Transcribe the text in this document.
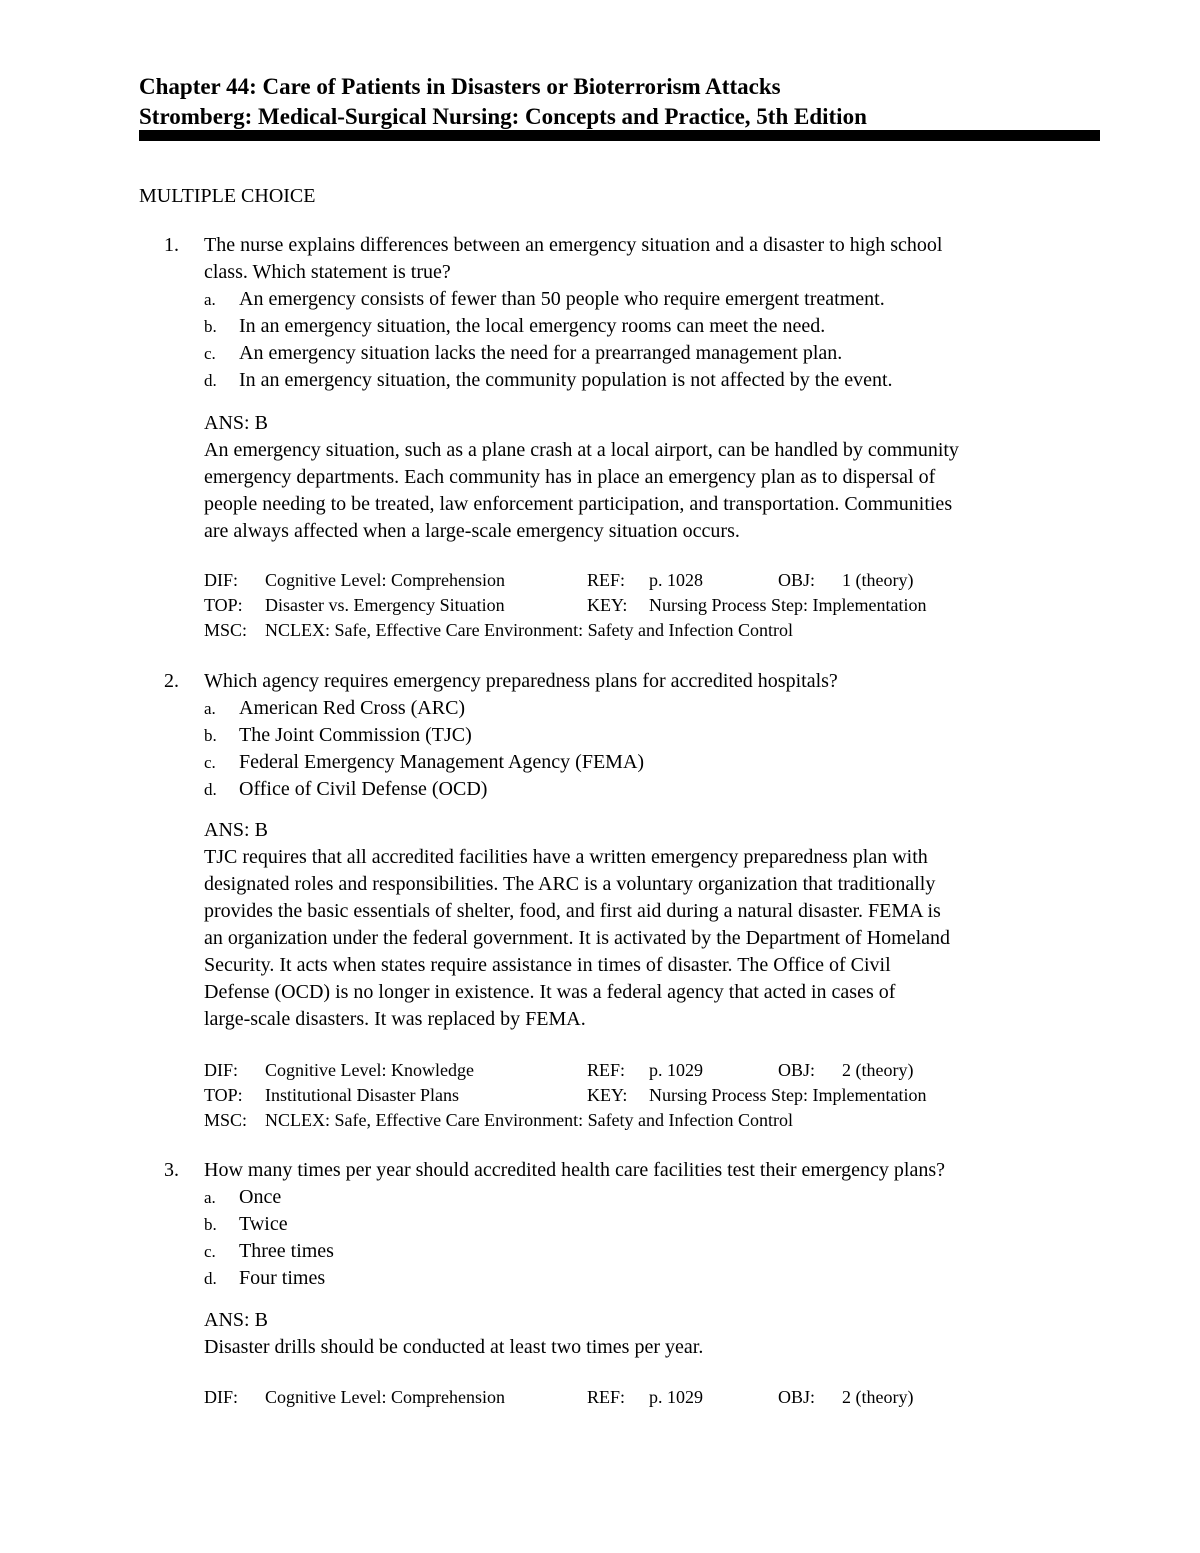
Chapter 44: Care of Patients in Disasters or Bioterrorism Attacks
Stromberg: Medical-Surgical Nursing: Concepts and Practice, 5th Edition
MULTIPLE CHOICE
1. The nurse explains differences between an emergency situation and a disaster to high school
class. Which statement is true?
a. An emergency consists of fewer than 50 people who require emergent treatment.
b. In an emergency situation, the local emergency rooms can meet the need.
c. An emergency situation lacks the need for a prearranged management plan.
d. In an emergency situation, the community population is not affected by the event.
ANS: B
An emergency situation, such as a plane crash at a local airport, can be handled by community
emergency departments. Each community has in place an emergency plan as to dispersal of
people needing to be treated, law enforcement participation, and transportation. Communities
are always affected when a large-scale emergency situation occurs.
DIF: Cognitive Level: Comprehension	REF: p. 1028	OBJ: 1 (theory)
TOP: Disaster vs. Emergency Situation	KEY: Nursing Process Step: Implementation
MSC: NCLEX: Safe, Effective Care Environment: Safety and Infection Control
2. Which agency requires emergency preparedness plans for accredited hospitals?
a. American Red Cross (ARC)
b. The Joint Commission (TJC)
c. Federal Emergency Management Agency (FEMA)
d. Office of Civil Defense (OCD)
ANS: B
TJC requires that all accredited facilities have a written emergency preparedness plan with
designated roles and responsibilities. The ARC is a voluntary organization that traditionally
provides the basic essentials of shelter, food, and first aid during a natural disaster. FEMA is
an organization under the federal government. It is activated by the Department of Homeland
Security. It acts when states require assistance in times of disaster. The Office of Civil
Defense (OCD) is no longer in existence. It was a federal agency that acted in cases of
large-scale disasters. It was replaced by FEMA.
DIF: Cognitive Level: Knowledge	REF: p. 1029	OBJ: 2 (theory)
TOP: Institutional Disaster Plans	KEY: Nursing Process Step: Implementation
MSC: NCLEX: Safe, Effective Care Environment: Safety and Infection Control
3. How many times per year should accredited health care facilities test their emergency plans?
a. Once
b. Twice
c. Three times
d. Four times
ANS: B
Disaster drills should be conducted at least two times per year.
DIF: Cognitive Level: Comprehension	REF: p. 1029	OBJ: 2 (theory)
